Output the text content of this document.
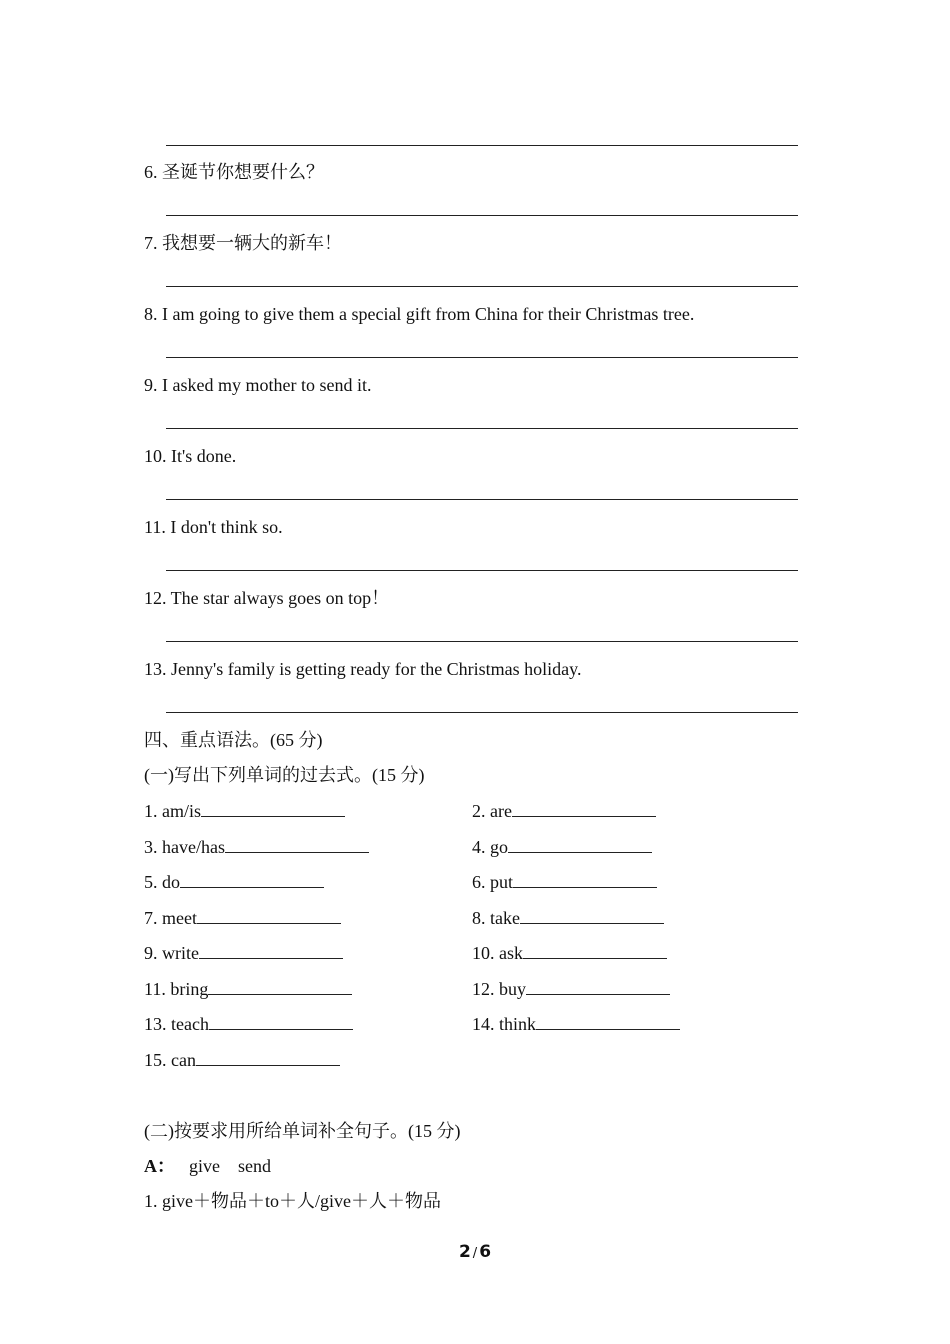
6. 圣诞节你想要什么？
7. 我想要一辆大的新车！
8. I am going to give them a special gift from China for their Christmas tree.
9. I asked my mother to send it.
10. It's done.
11. I don't think so.
12. The star always goes on top！
13. Jenny's family is getting ready for the Christmas holiday.
四、重点语法。(65 分)
(一)写出下列单词的过去式。(15 分)
1. am/is	2. are
3. have/has	4. go
5. do	6. put
7. meet	8. take
9. write	10. ask
11. bring	12. buy
13. teach	14. think
15. can
(二)按要求用所给单词补全句子。(15 分)
A： give send
1. give＋物品＋to＋人/give＋人＋物品
2 / 6
